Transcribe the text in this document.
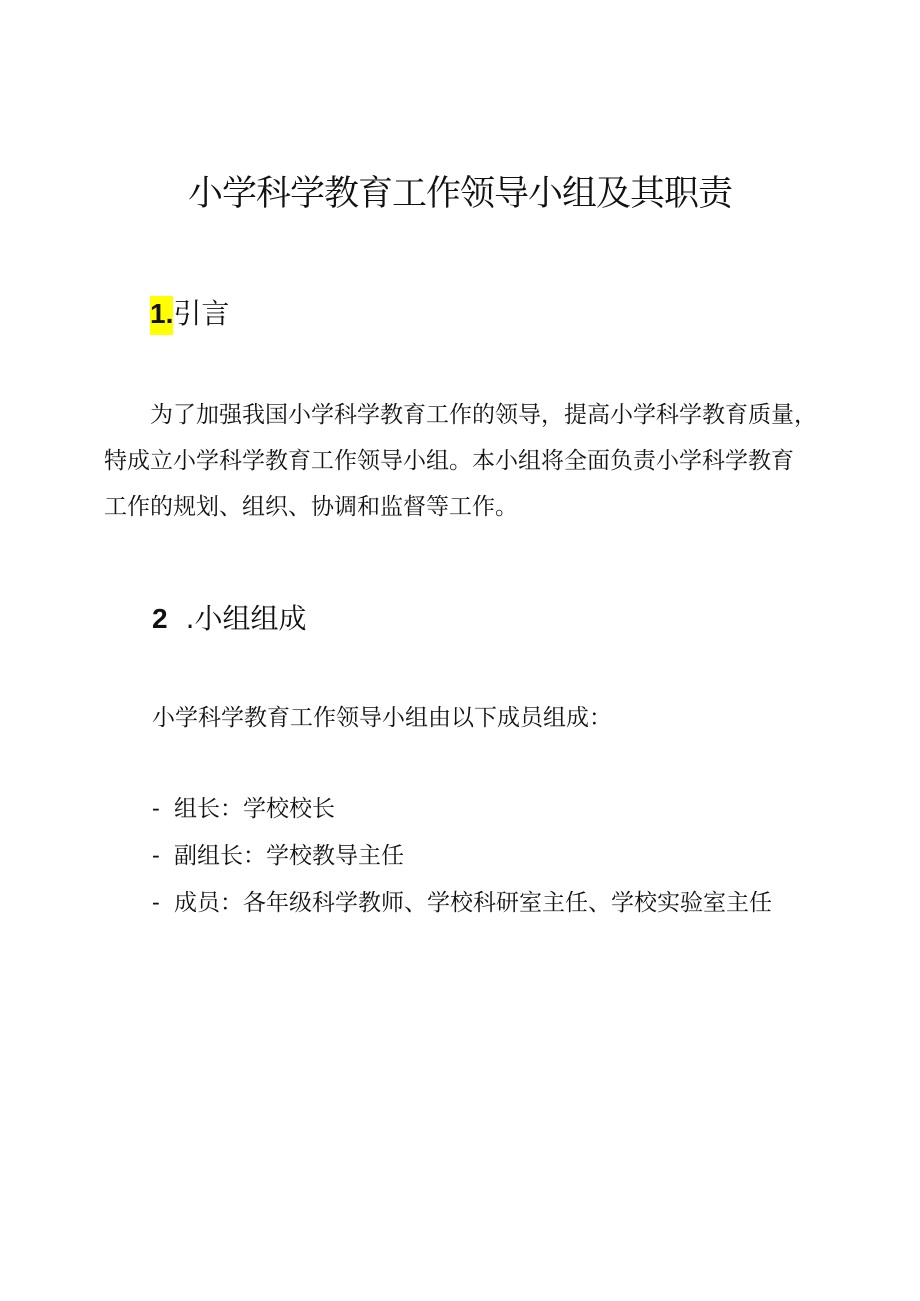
小学科学教育工作领导小组及其职责
1.引言
为了加强我国小学科学教育工作的领导，提高小学科学教育质量，
特成立小学科学教育工作领导小组。本小组将全面负责小学科学教育
工作的规划、组织、协调和监督等工作。
2 .小组组成
小学科学教育工作领导小组由以下成员组成：
- 组长：学校校长
- 副组长：学校教导主任
- 成员：各年级科学教师、学校科研室主任、学校实验室主任
